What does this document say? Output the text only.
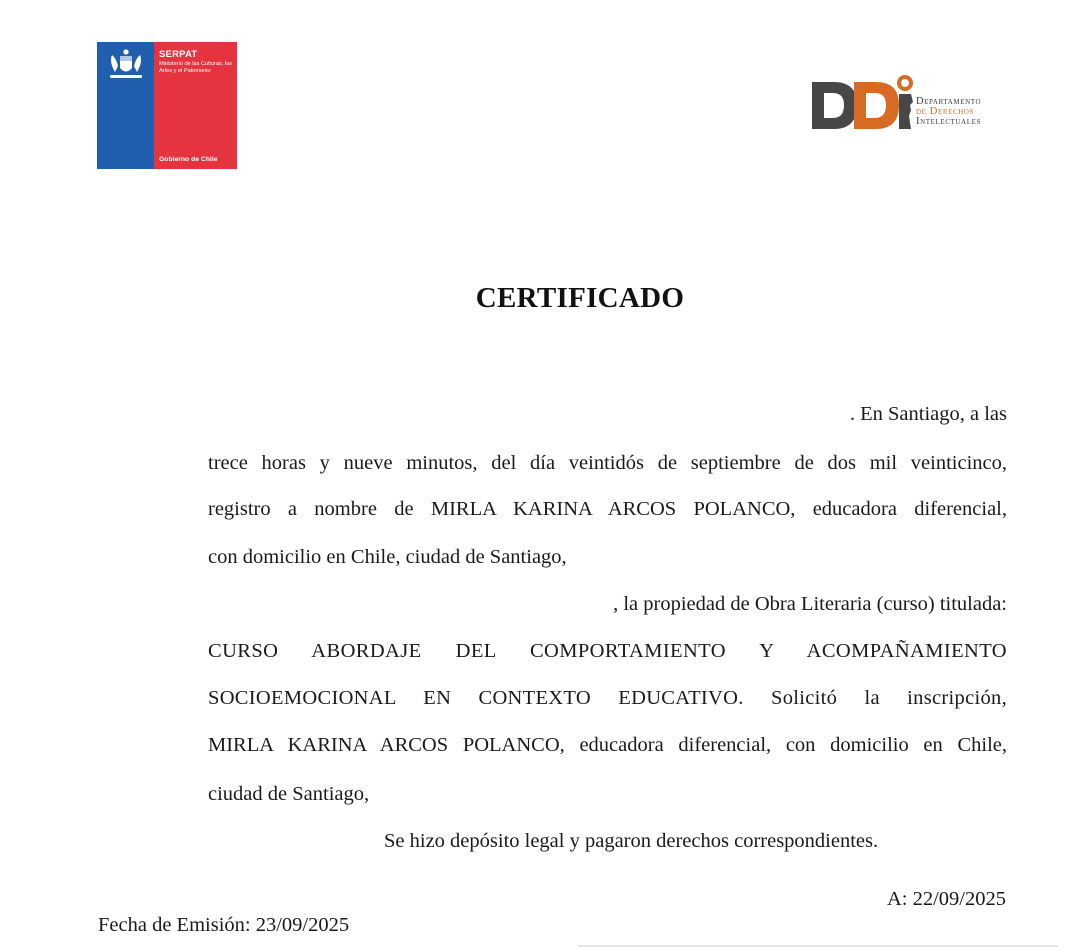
SERPAT
Ministerio de las Culturas, las Artes y el Patrimonio
Gobierno de Chile
Departamento
de Derechos
Intelectuales
CERTIFICADO
. En Santiago, a las
trece horas y nueve minutos, del día veintidós de septiembre de dos mil veinticinco,
registro a nombre de MIRLA KARINA ARCOS POLANCO, educadora diferencial,
con domicilio en Chile, ciudad de Santiago,
, la propiedad de Obra Literaria (curso) titulada:
CURSO ABORDAJE DEL COMPORTAMIENTO Y ACOMPAÑAMIENTO
SOCIOEMOCIONAL EN CONTEXTO EDUCATIVO. Solicitó la inscripción,
MIRLA KARINA ARCOS POLANCO, educadora diferencial, con domicilio en Chile,
ciudad de Santiago,
Se hizo depósito legal y pagaron derechos correspondientes.
A: 22/09/2025
Fecha de Emisión: 23/09/2025
